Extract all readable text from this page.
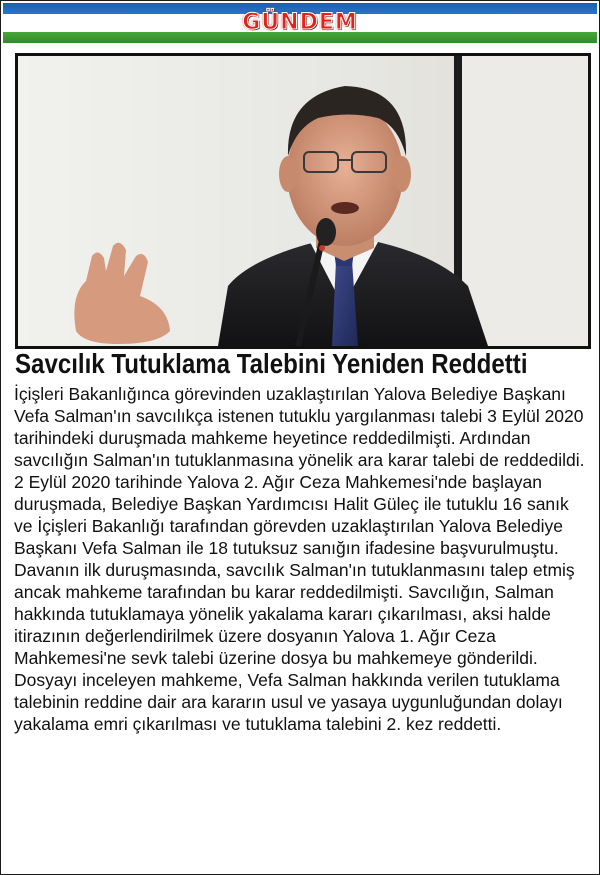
GÜNDEM
Savcılık Tutuklama Talebini Yeniden Reddetti

İçişleri Bakanlığınca görevinden uzaklaştırılan Yalova Belediye Başkanı Vefa Salman'ın savcılıkça istenen tutuklu yargılanması talebi 3 Eylül 2020 tarihindeki duruşmada mahkeme heyetince reddedilmişti. Ardından savcılığın Salman'ın tutuklanmasına yönelik ara karar talebi de reddedildi.

2 Eylül 2020 tarihinde Yalova 2. Ağır Ceza Mahkemesi'nde başlayan duruşmada, Belediye Başkan Yardımcısı Halit Güleç ile tutuklu 16 sanık ve İçişleri Bakanlığı tarafından görevden uzaklaştırılan Yalova Belediye Başkanı Vefa Salman ile 18 tutuksuz sanığın ifadesine başvurulmuştu. Davanın ilk duruşmasında, savcılık Salman'ın tutuklanmasını talep etmiş ancak mahkeme tarafından bu karar reddedilmişti. Savcılığın, Salman hakkında tutuklamaya yönelik yakalama kararı çıkarılması, aksi halde itirazının değerlendirilmek üzere dosyanın Yalova 1. Ağır Ceza Mahkemesi'ne sevk talebi üzerine dosya bu mahkemeye gönderildi. Dosyayı inceleyen mahkeme, Vefa Salman hakkında verilen tutuklama talebinin reddine dair ara kararın usul ve yasaya uygunluğundan dolayı yakalama emri çıkarılması ve tutuklama talebini 2. kez reddetti.
